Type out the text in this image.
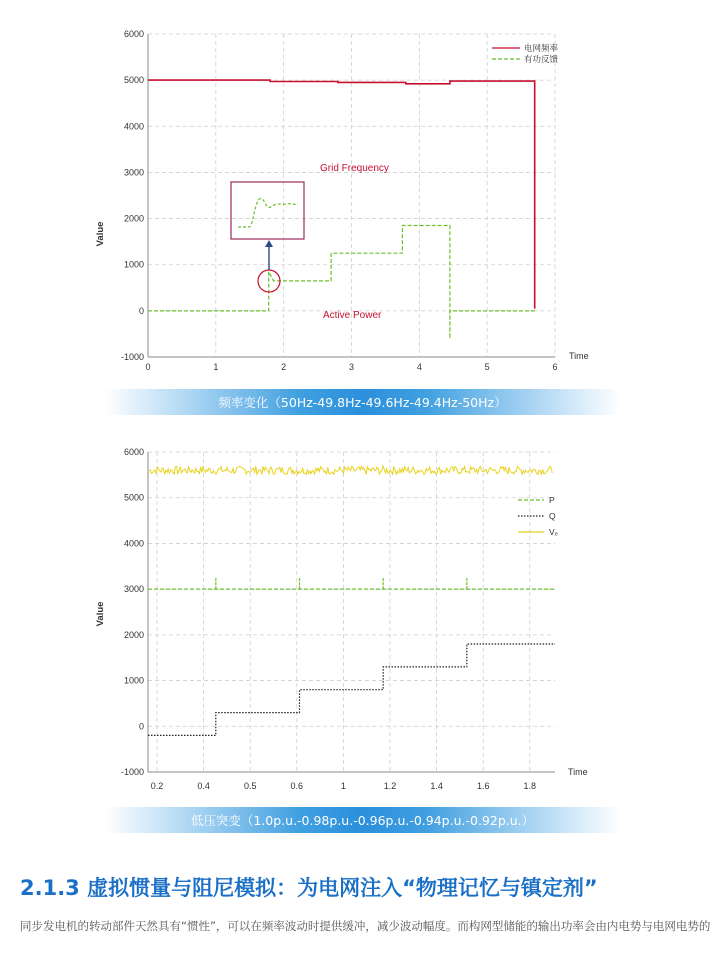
-1000
0
1000
2000
3000
4000
5000
6000
0	1	2	3	4	5	6
电网频率
有功反馈
Grid Frequency
Active Power
Value
Time
频率变化（50Hz-49.8Hz-49.6Hz-49.4Hz-50Hz）
-1000
0
1000
2000
3000
4000
5000
6000
0.2	0.4	0.5	0.6	1	1.2	1.4	1.6	1.8
P
Q
Vₑ
Value
Time
低压突变（1.0p.u.-0.98p.u.-0.96p.u.-0.94p.u.-0.92p.u.）
2.1.3 虚拟惯量与阻尼模拟：为电网注入“物理记忆与镇定剂”
同步发电机的转动部件天然具有“惯性”，可以在频率波动时提供缓冲，减少波动幅度。而构网型储能的输出功率会由内电势与电网电势的
